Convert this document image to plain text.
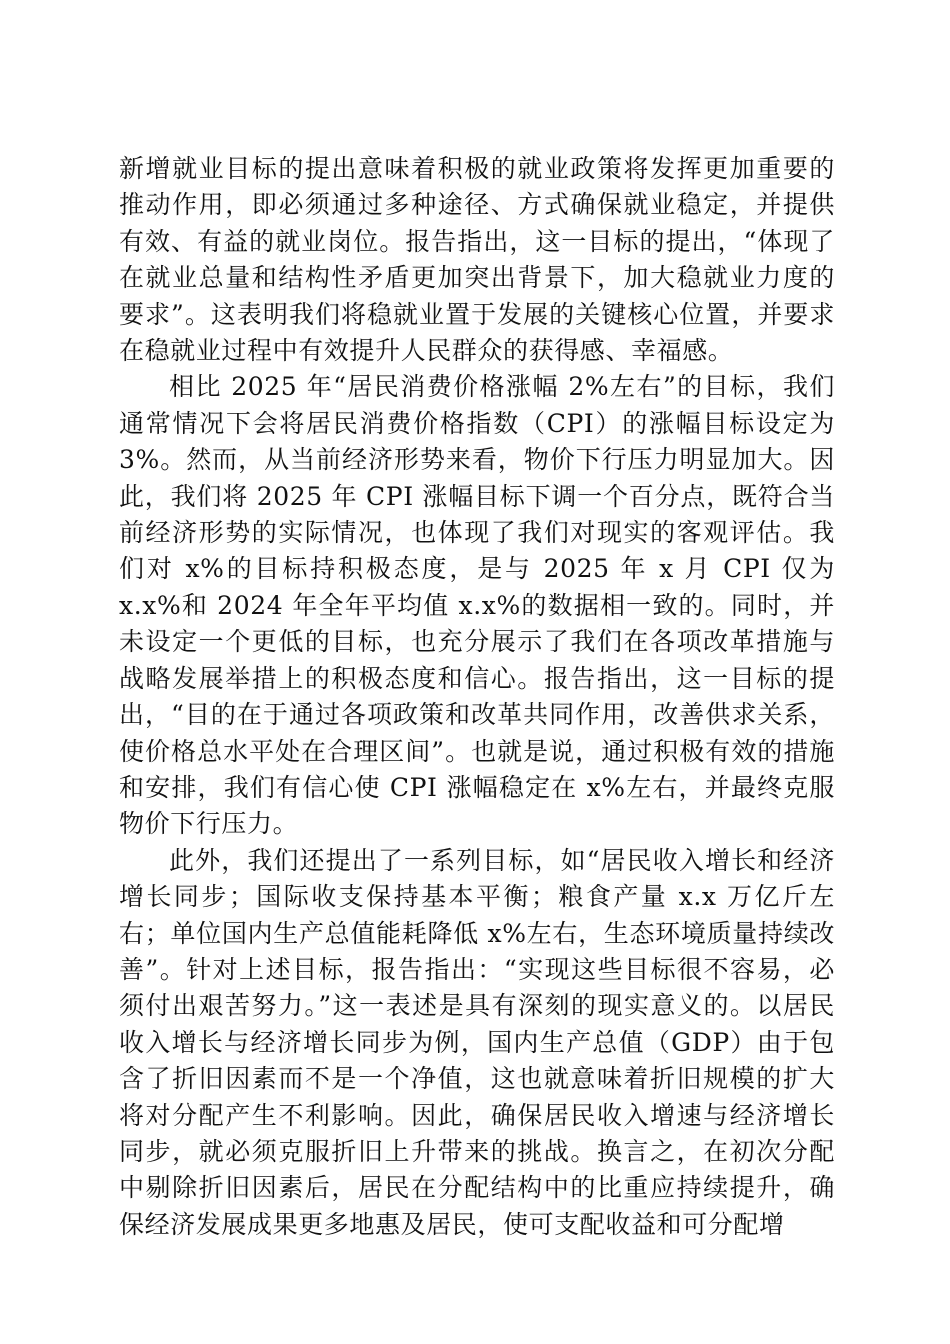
新增就业目标的提出意味着积极的就业政策将发挥更加重要的推动作用，即必须通过多种途径、方式确保就业稳定，并提供有效、有益的就业岗位。报告指出，这一目标的提出，“体现了在就业总量和结构性矛盾更加突出背景下，加大稳就业力度的要求”。这表明我们将稳就业置于发展的关键核心位置，并要求在稳就业过程中有效提升人民群众的获得感、幸福感。

相比 2025 年“居民消费价格涨幅 2%左右”的目标，我们通常情况下会将居民消费价格指数（CPI）的涨幅目标设定为 3%。然而，从当前经济形势来看，物价下行压力明显加大。因此，我们将 2025 年 CPI 涨幅目标下调一个百分点，既符合当前经济形势的实际情况，也体现了我们对现实的客观评估。我们对 x%的目标持积极态度，是与 2025 年 x 月 CPI 仅为 x.x%和 2024 年全年平均值 x.x%的数据相一致的。同时，并未设定一个更低的目标，也充分展示了我们在各项改革措施与战略发展举措上的积极态度和信心。报告指出，这一目标的提出，“目的在于通过各项政策和改革共同作用，改善供求关系，使价格总水平处在合理区间”。也就是说，通过积极有效的措施和安排，我们有信心使 CPI 涨幅稳定在 x%左右，并最终克服物价下行压力。

此外，我们还提出了一系列目标，如“居民收入增长和经济增长同步；国际收支保持基本平衡；粮食产量 x.x 万亿斤左右；单位国内生产总值能耗降低 x%左右，生态环境质量持续改善”。针对上述目标，报告指出：“实现这些目标很不容易，必须付出艰苦努力。”这一表述是具有深刻的现实意义的。以居民收入增长与经济增长同步为例，国内生产总值（GDP）由于包含了折旧因素而不是一个净值，这也就意味着折旧规模的扩大将对分配产生不利影响。因此，确保居民收入增速与经济增长同步，就必须克服折旧上升带来的挑战。换言之，在初次分配中剔除折旧因素后，居民在分配结构中的比重应持续提升，确保经济发展成果更多地惠及居民，使可支配收益和可分配增
